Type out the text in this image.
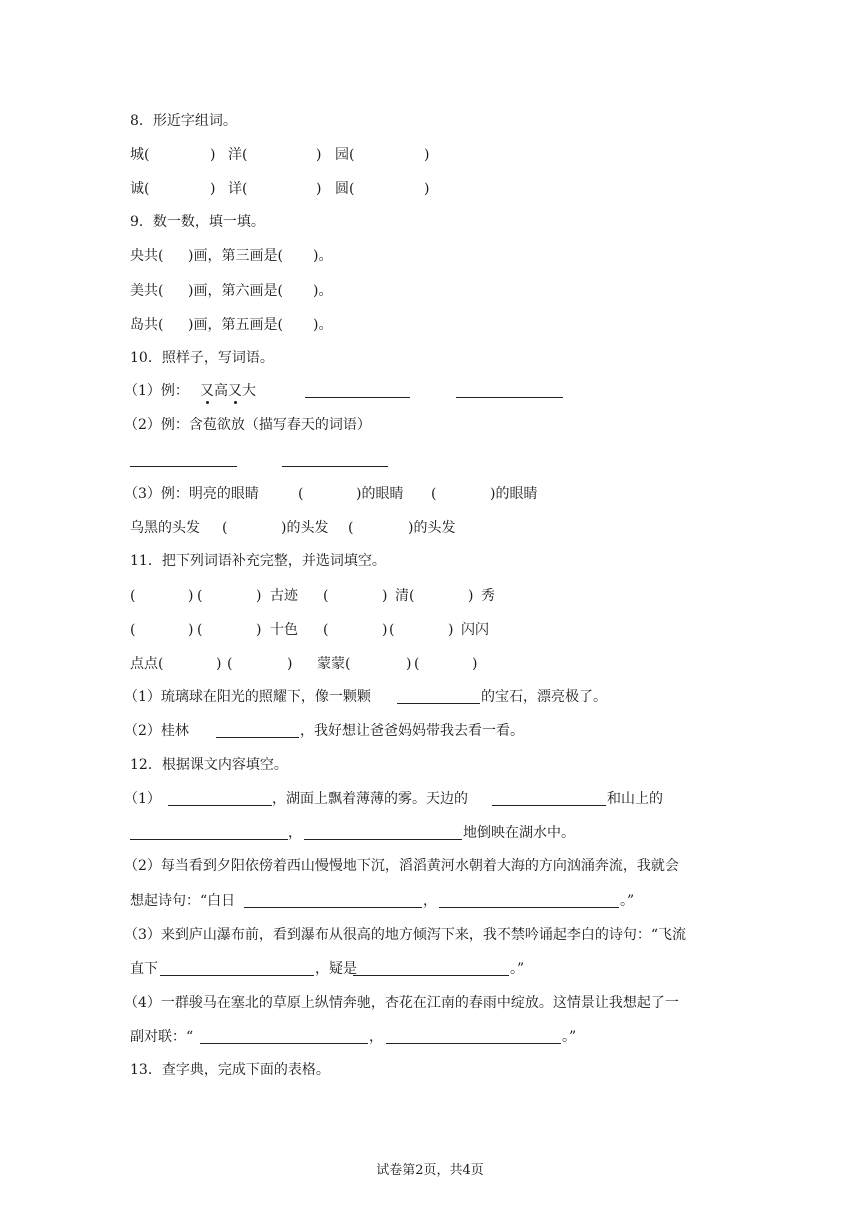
8．形近字组词。
城(	) 洋(	) 园(	)
诚(	) 详(	) 圆(	)
9．数一数，填一填。
央共( )画，第三画是( )。
美共( )画，第六画是( )。
岛共( )画，第五画是( )。
10．照样子，写词语。
（1）例： 又高又大
（2）例：含苞欲放（描写春天的词语）
（3）例：明亮的眼睛	(	)的眼睛 (	)的眼睛
乌黑的头发 (	)的头发 (	)的头发
11．把下列词语补充完整，并选词填空。
(	) (	) 古迹 (	) 清(	) 秀
(	) (	) 十色 (	) (	) 闪闪
点点(	) (	) 蒙蒙(	) (	)
（1）琉璃球在阳光的照耀下，像一颗颗	的宝石，漂亮极了。
（2）桂林	，我好想让爸爸妈妈带我去看一看。
12．根据课文内容填空。
（1）	，湖面上飘着薄薄的雾。天边的	和山上的
，	地倒映在湖水中。
（2）每当看到夕阳依傍着西山慢慢地下沉，滔滔黄河水朝着大海的方向汹涌奔流，我就会
想起诗句：“白日	，	。”
（3）来到庐山瀑布前，看到瀑布从很高的地方倾泻下来，我不禁吟诵起李白的诗句：“飞流
直下	，疑是	。”
（4）一群骏马在塞北的草原上纵情奔驰，杏花在江南的春雨中绽放。这情景让我想起了一
副对联：“	，	。”
13．查字典，完成下面的表格。
试卷第2页，共4页
